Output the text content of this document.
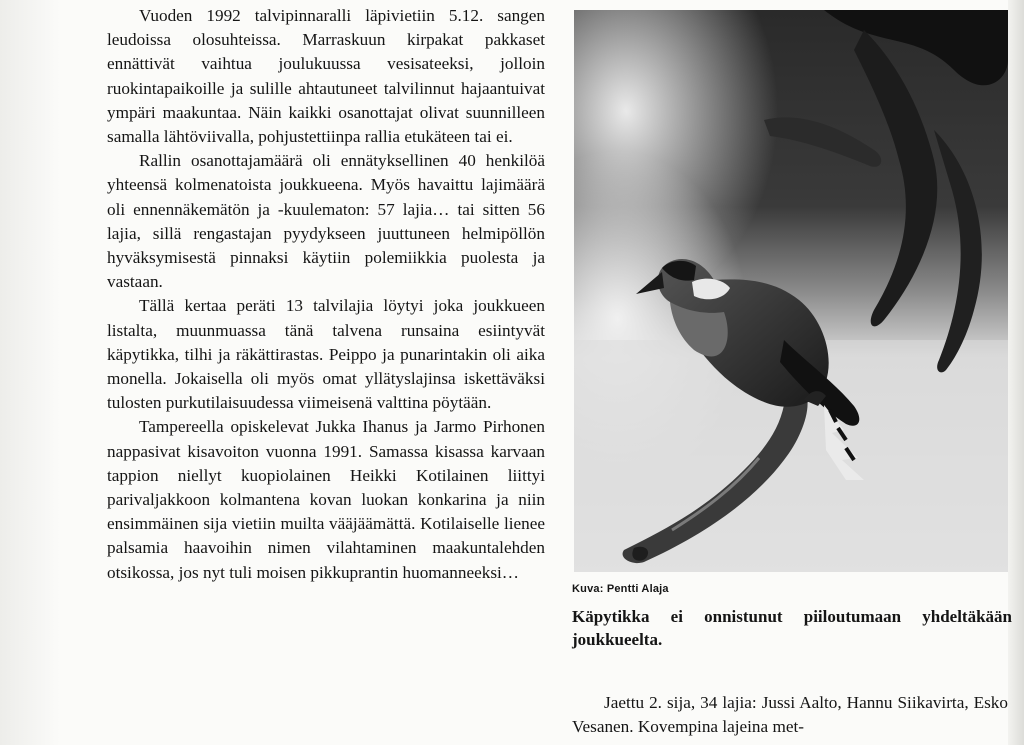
Vuoden 1992 talvipinnaralli läpivietiin 5.12. sangen leudoissa olosuhteissa. Marraskuun kirpakat pakkaset ennättivät vaihtua joulukuussa vesisateeksi, jolloin ruokintapaikoille ja sulille ahtautuneet talvilinnut hajaantuivat ympäri maakuntaa. Näin kaikki osanottajat olivat suunnilleen samalla lähtöviivalla, pohjustettiinpa rallia etukäteen tai ei.

Rallin osanottajamäärä oli ennätyksellinen 40 henkilöä yhteensä kolmenatoista joukkueena. Myös havaittu lajimäärä oli ennennäkemätön ja -kuulematon: 57 lajia… tai sitten 56 lajia, sillä rengastajan pyydykseen juuttuneen helmipöllön hyväksymisestä pinnaksi käytiin polemiikkia puolesta ja vastaan.

Tällä kertaa peräti 13 talvilajia löytyi joka joukkueen listalta, muunmuassa tänä talvena runsaina esiintyvät käpytikka, tilhi ja räkättirastas. Peippo ja punarintakin oli aika monella. Jokaisella oli myös omat yllätyslajinsa iskettäväksi tulosten purkutilaisuudessa viimeisenä valttina pöytään.

Tampereella opiskelevat Jukka Ihanus ja Jarmo Pirhonen nappasivat kisavoiton vuonna 1991. Samassa kisassa karvaan tappion niellyt kuopiolainen Heikki Kotilainen liittyi parivaljakkoon kolmantena kovan luokan konkarina ja niin ensimmäinen sija vietiin muilta vääjäämättä. Kotilaiselle lienee palsamia haavoihin nimen vilahtaminen maakuntalehden otsikossa, jos nyt tuli moisen pikkuprantin huomanneeksi…

Kuva: Pentti Alaja
Käpytikka ei onnistunut piiloutumaan yhdeltäkään joukkueelta.
Jaettu 2. sija, 34 lajia: Jussi Aalto, Hannu Siikavirta, Esko Vesanen. Kovempina lajeina met-
